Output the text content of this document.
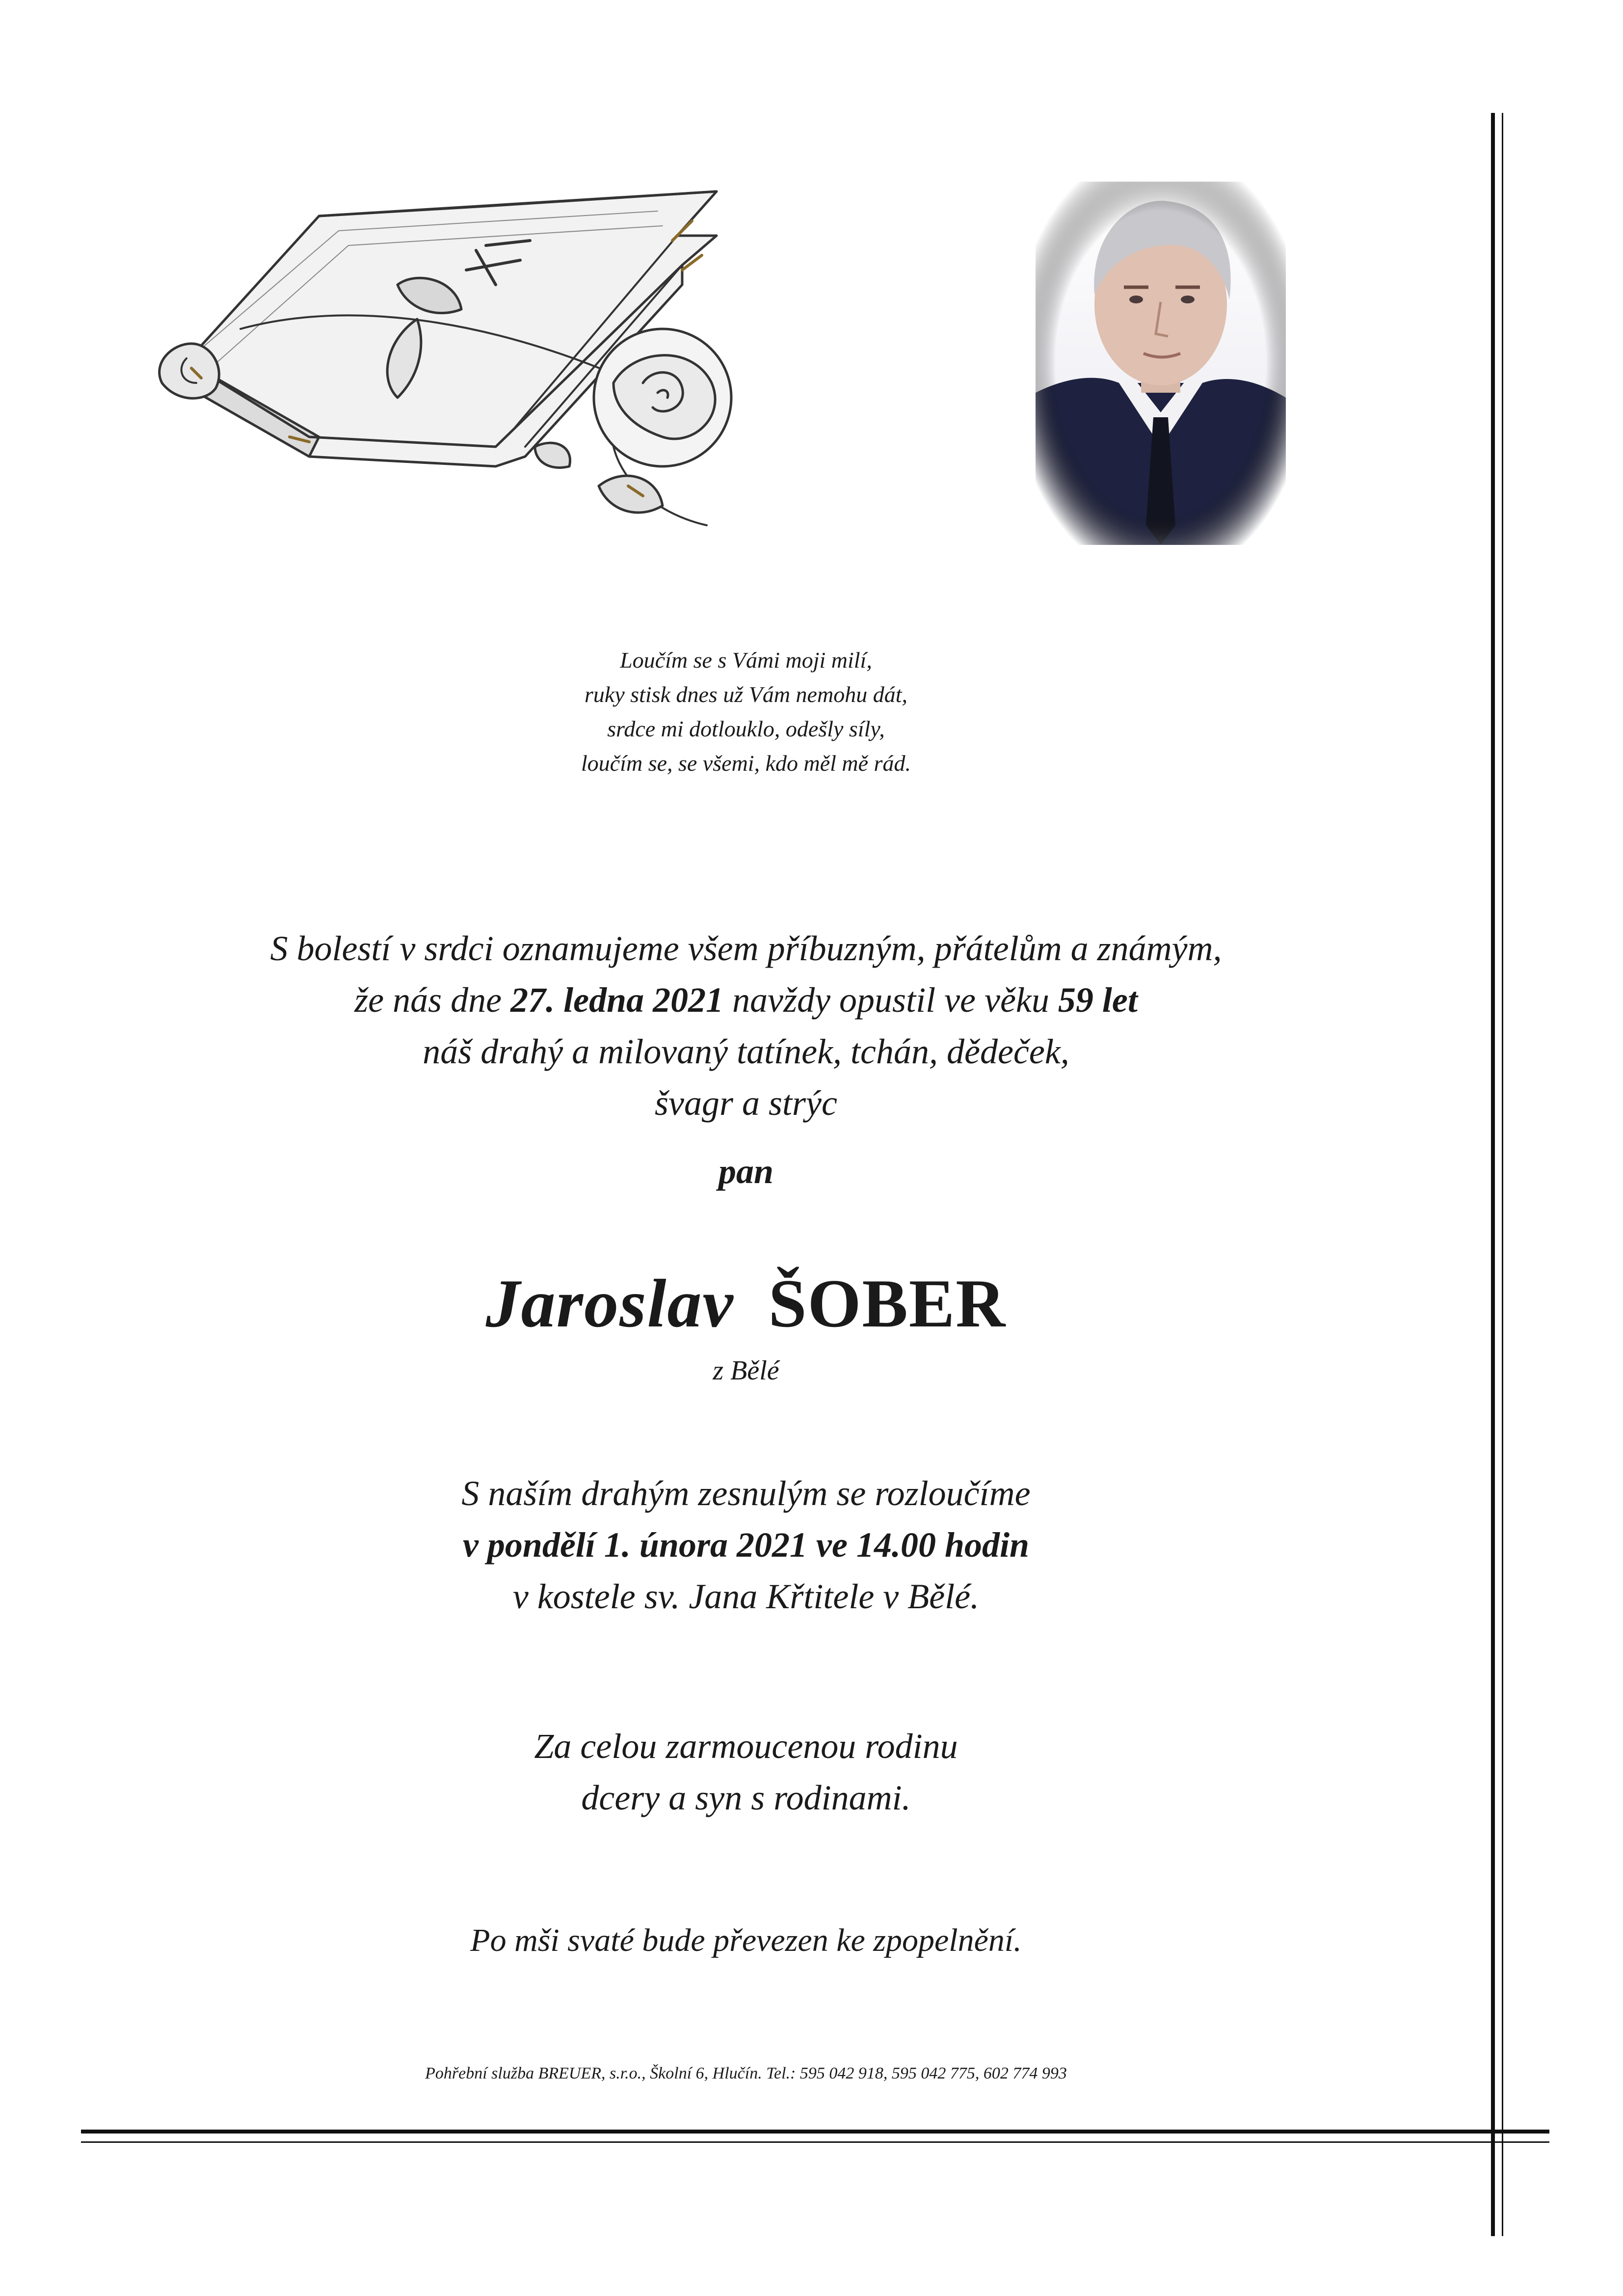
Loučím se s Vámi moji milí,
ruky stisk dnes už Vám nemohu dát,
srdce mi dotlouklo, odešly síly,
loučím se, se všemi, kdo měl mě rád.
S bolestí v srdci oznamujeme všem příbuzným, přátelům a známým,
že nás dne 27. ledna 2021 navždy opustil ve věku 59 let
náš drahý a milovaný tatínek, tchán, dědeček,
švagr a strýc
pan
Jaroslav ŠOBER
z Bělé
S naším drahým zesnulým se rozloučíme
v pondělí 1. února 2021 ve 14.00 hodin
v kostele sv. Jana Křtitele v Bělé.
Za celou zarmoucenou rodinu
dcery a syn s rodinami.
Po mši svaté bude převezen ke zpopelnění.
Pohřební služba BREUER, s.r.o., Školní 6, Hlučín. Tel.: 595 042 918, 595 042 775, 602 774 993
